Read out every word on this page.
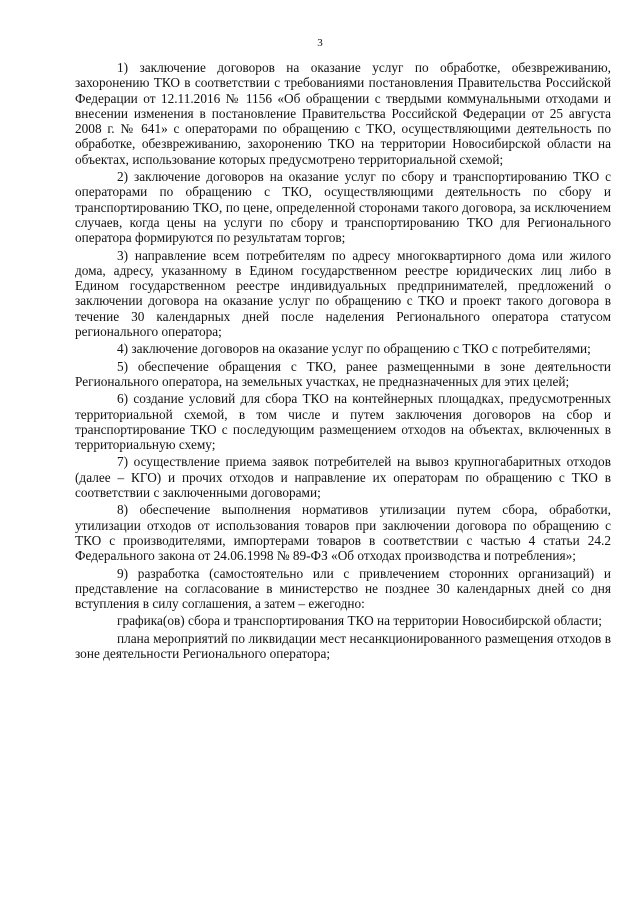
3

1) заключение договоров на оказание услуг по обработке, обезвреживанию, захоронению ТКО в соответствии с требованиями постановления Правительства Российской Федерации от 12.11.2016 № 1156 «Об обращении с твердыми коммунальными отходами и внесении изменения в постановление Правительства Российской Федерации от 25 августа 2008 г. № 641» с операторами по обращению с ТКО, осуществляющими деятельность по обработке, обезвреживанию, захоронению ТКО на территории Новосибирской области на объектах, использование которых предусмотрено территориальной схемой;

2) заключение договоров на оказание услуг по сбору и транспортированию ТКО с операторами по обращению с ТКО, осуществляющими деятельность по сбору и транспортированию ТКО, по цене, определенной сторонами такого договора, за исключением случаев, когда цены на услуги по сбору и транспортированию ТКО для Регионального оператора формируются по результатам торгов;

3) направление всем потребителям по адресу многоквартирного дома или жилого дома, адресу, указанному в Едином государственном реестре юридических лиц либо в Едином государственном реестре индивидуальных предпринимателей, предложений о заключении договора на оказание услуг по обращению с ТКО и проект такого договора в течение 30 календарных дней после наделения Регионального оператора статусом регионального оператора;

4) заключение договоров на оказание услуг по обращению с ТКО с потребителями;

5) обеспечение обращения с ТКО, ранее размещенными в зоне деятельности Регионального оператора, на земельных участках, не предназначенных для этих целей;

6) создание условий для сбора ТКО на контейнерных площадках, предусмотренных территориальной схемой, в том числе и путем заключения договоров на сбор и транспортирование ТКО с последующим размещением отходов на объектах, включенных в территориальную схему;

7) осуществление приема заявок потребителей на вывоз крупногабаритных отходов (далее – КГО) и прочих отходов и направление их операторам по обращению с ТКО в соответствии с заключенными договорами;

8) обеспечение выполнения нормативов утилизации путем сбора, обработки, утилизации отходов от использования товаров при заключении договора по обращению с ТКО с производителями, импортерами товаров в соответствии с частью 4 статьи 24.2 Федерального закона от 24.06.1998 № 89-ФЗ «Об отходах производства и потребления»;

9) разработка (самостоятельно или с привлечением сторонних организаций) и представление на согласование в министерство не позднее 30 календарных дней со дня вступления в силу соглашения, а затем – ежегодно:

графика(ов) сбора и транспортирования ТКО на территории Новосибирской области;

плана мероприятий по ликвидации мест несанкционированного размещения отходов в зоне деятельности Регионального оператора;
